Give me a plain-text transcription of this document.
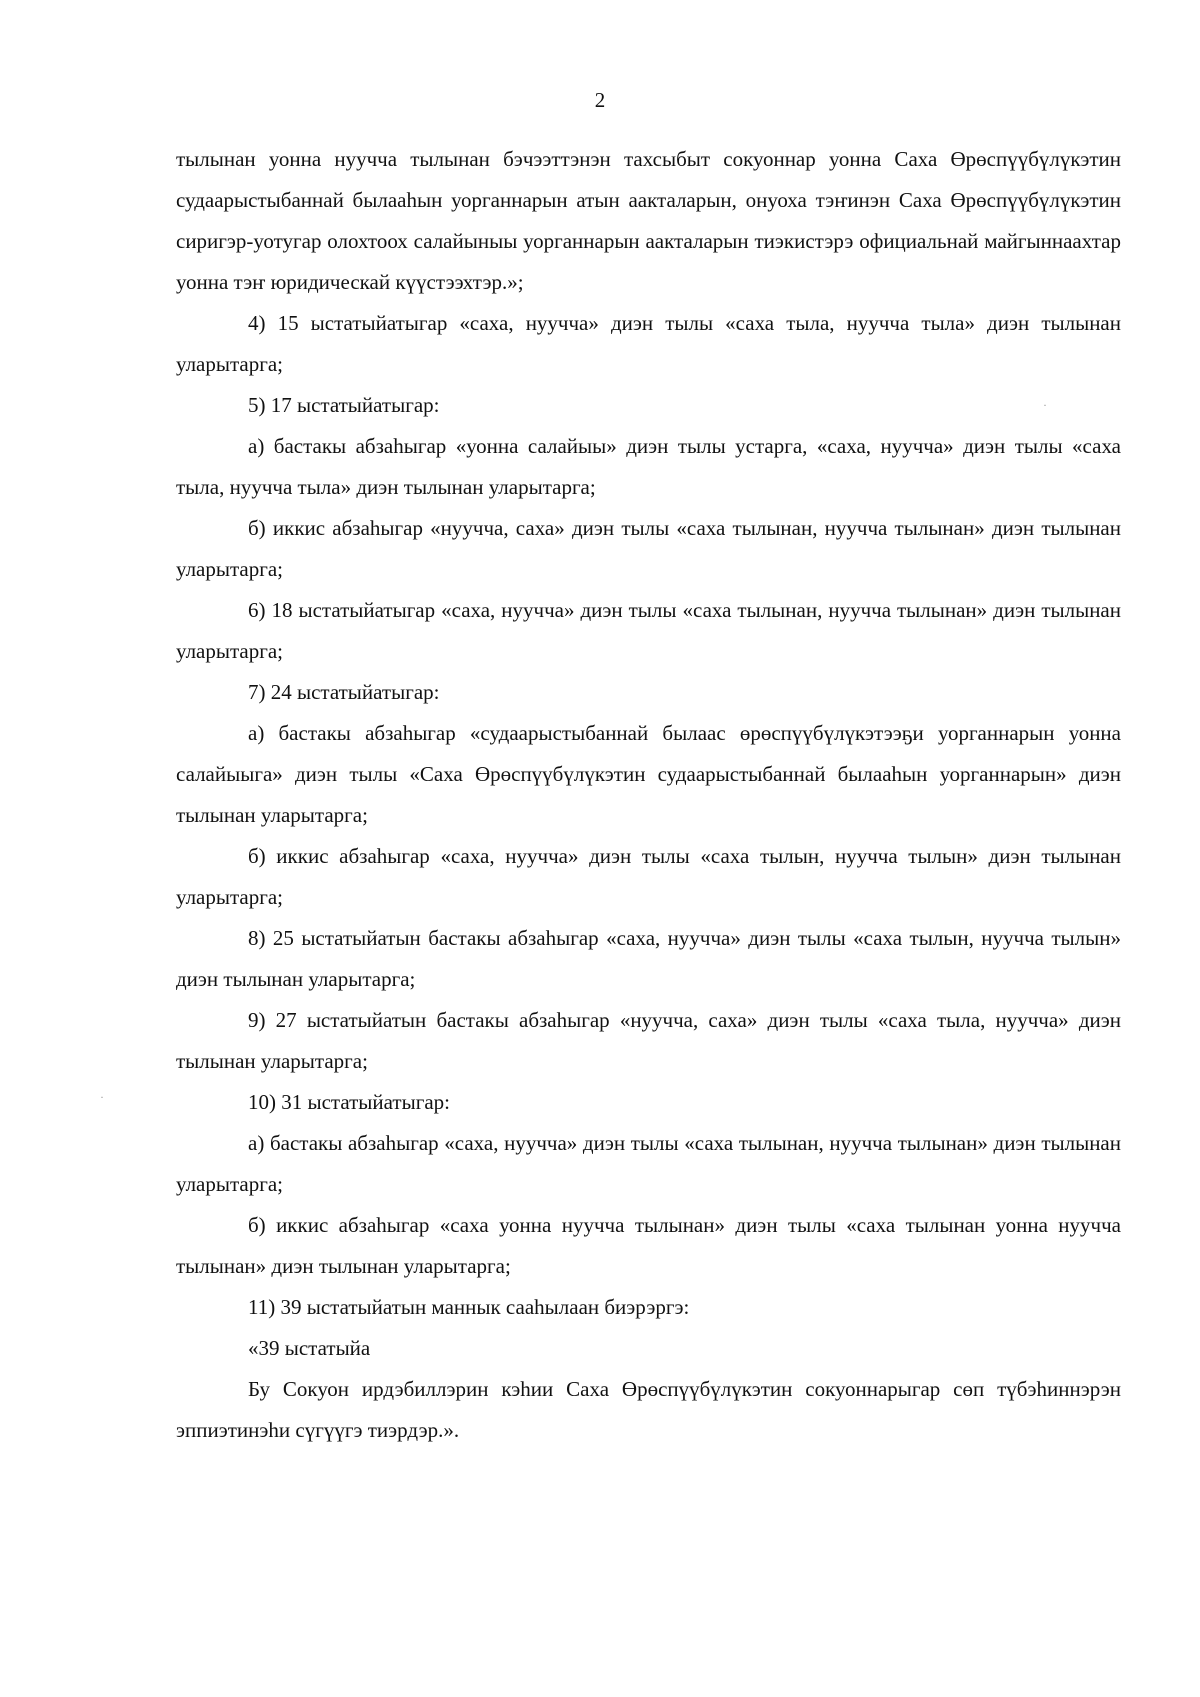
2

тылынан уонна нуучча тылынан бэчээттэнэн тахсыбыт сокуоннар уонна Саха Өрөспүүбүлүкэтин судаарыстыбаннай былааһын уорганнарын атын аакталарын, онуоха тэҥинэн Саха Өрөспүүбүлүкэтин сиригэр-уотугар олохтоох салайыныы уорганнарын аакталарын тиэкистэрэ официальнай майгыннаахтар уонна тэҥ юридическай күүстээхтэр.»;

4) 15 ыстатыйатыгар «саха, нуучча» диэн тылы «саха тыла, нуучча тыла» диэн тылынан уларытарга;

5) 17 ыстатыйатыгар:

а) бастакы абзаһыгар «уонна салайыы» диэн тылы устарга, «саха, нуучча» диэн тылы «саха тыла, нуучча тыла» диэн тылынан уларытарга;

б) иккис абзаһыгар «нуучча, саха» диэн тылы «саха тылынан, нуучча тылынан» диэн тылынан уларытарга;

6) 18 ыстатыйатыгар «саха, нуучча» диэн тылы «саха тылынан, нуучча тылынан» диэн тылынан уларытарга;

7) 24 ыстатыйатыгар:

а) бастакы абзаһыгар «судаарыстыбаннай былаас өрөспүүбүлүкэтээҕи уорганнарын уонна салайыыга» диэн тылы «Саха Өрөспүүбүлүкэтин судаарыстыбаннай былааһын уорганнарын» диэн тылынан уларытарга;

б) иккис абзаһыгар «саха, нуучча» диэн тылы «саха тылын, нуучча тылын» диэн тылынан уларытарга;

8) 25 ыстатыйатын бастакы абзаһыгар «саха, нуучча» диэн тылы «саха тылын, нуучча тылын» диэн тылынан уларытарга;

9) 27 ыстатыйатын бастакы абзаһыгар «нуучча, саха» диэн тылы «саха тыла, нуучча» диэн тылынан уларытарга;

10) 31 ыстатыйатыгар:

а) бастакы абзаһыгар «саха, нуучча» диэн тылы «саха тылынан, нуучча тылынан» диэн тылынан уларытарга;

б) иккис абзаһыгар «саха уонна нуучча тылынан» диэн тылы «саха тылынан уонна нуучча тылынан» диэн тылынан уларытарга;

11) 39 ыстатыйатын маннык сааһылаан биэрэргэ:

«39 ыстатыйа

Бу Сокуон ирдэбиллэрин кэһии Саха Өрөспүүбүлүкэтин сокуоннарыгар сөп түбэһиннэрэн эппиэтинэһи сүгүүгэ тиэрдэр.».

·
·
